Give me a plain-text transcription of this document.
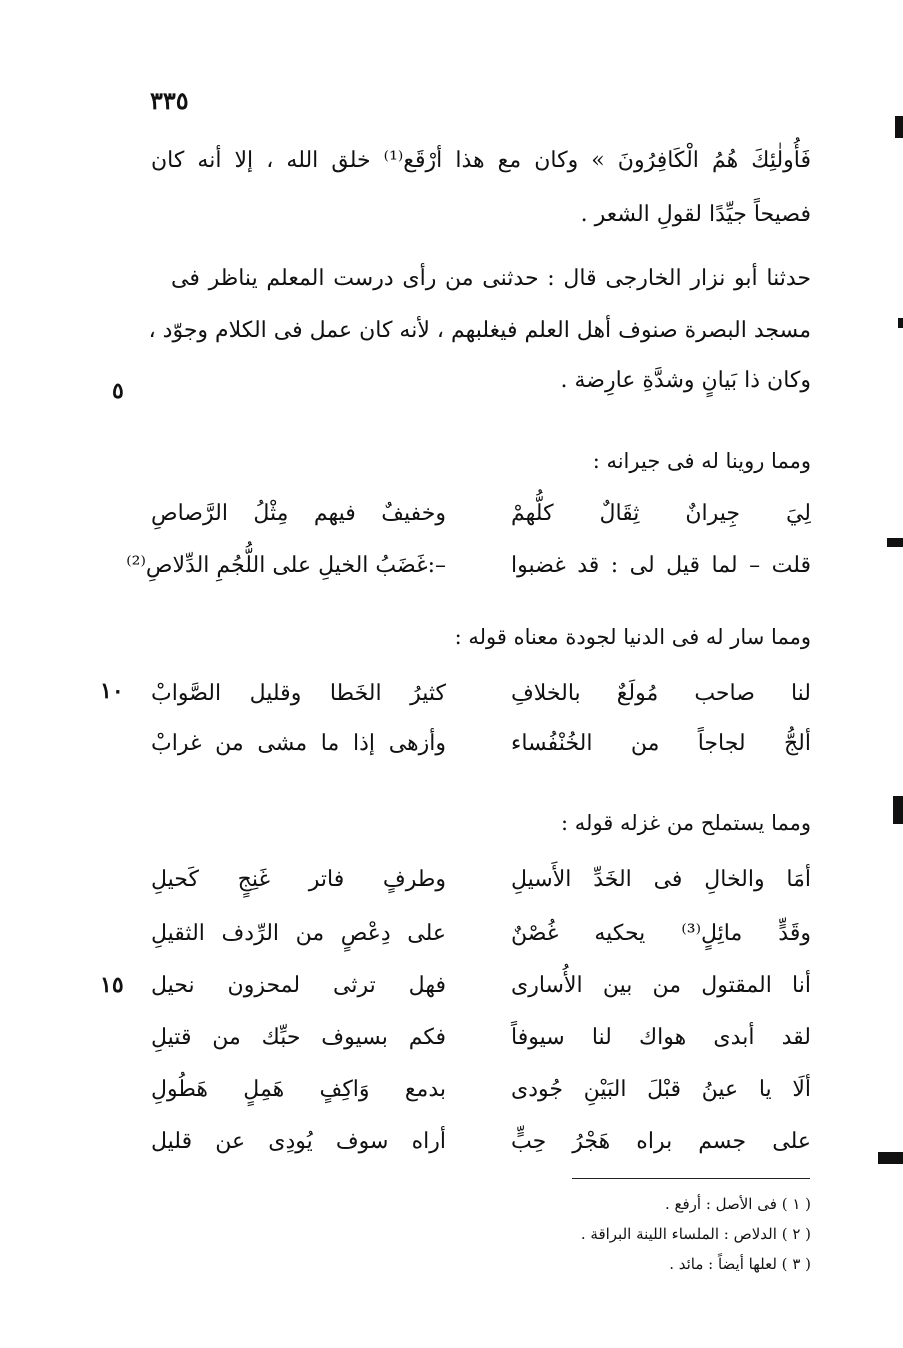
٣٣٥
فَأُولٰئِكَ هُمُ الْكَافِرُونَ » وكان مع هذا أرْقَع⁽¹⁾ خلق الله ، إلا أنه كان
فصيحاً جيِّدًا لقولِ الشعر .
حدثنا أبو نزار الخارجى قال : حدثنى من رأى درست المعلم يناظر فى
مسجد البصرة صنوف أهل العلم فيغلبهم ، لأنه كان عمل فى الكلام وجوّد ،
وكان ذا بَيانٍ وشدَّةِ عارِضة .
٥
ومما روينا له فى جيرانه :
لِيَ جِيرانٌ ثِقَالٌ كلُّهمْ
وخفيفٌ فيهم مِثْلُ الرَّصاصِ
قلت – لما قيل لى : قد غضبوا
–:غَضَبُ الخيلِ على اللُّجُمِ الدِّلاصِ⁽²⁾
ومما سار له فى الدنيا لجودة معناه قوله :
لنا صاحب مُولَعٌ بالخلافِ
كثيرُ الخَطا وقليل الصَّوابْ
١٠
ألجُّ لجاجاً من الخُنْفُساء
وأزهى إذا ما مشى من غرابْ
ومما يستملح من غزله قوله :
أمَا والخالِ فى الخَدِّ الأَسيلِ
وطرفٍ فاتر غَنِجٍ كَحيلِ
وقَدٍّ مائِلٍ⁽³⁾ يحكيه غُصْنٌ
على دِعْصٍ من الرِّدف الثقيلِ
أنا المقتول من بين الأُسارى
فهل ترثى لمحزون نحيل
١٥
لقد أبدى هواك لنا سيوفاً
فكم بسيوف حبِّك من قتيلِ
ألَا يا عينُ قبْلَ البَيْنِ جُودى
بدمع وَاكِفٍ هَمِلٍ هَطُولِ
على جسم براه هَجْرُ حِبٍّ
أراه سوف يُودِى عن قليل
( ١ ) فى الأصل : أرفع .
( ٢ ) الدلاص : الملساء اللينة البراقة .
( ٣ ) لعلها أيضاً : مائد .
